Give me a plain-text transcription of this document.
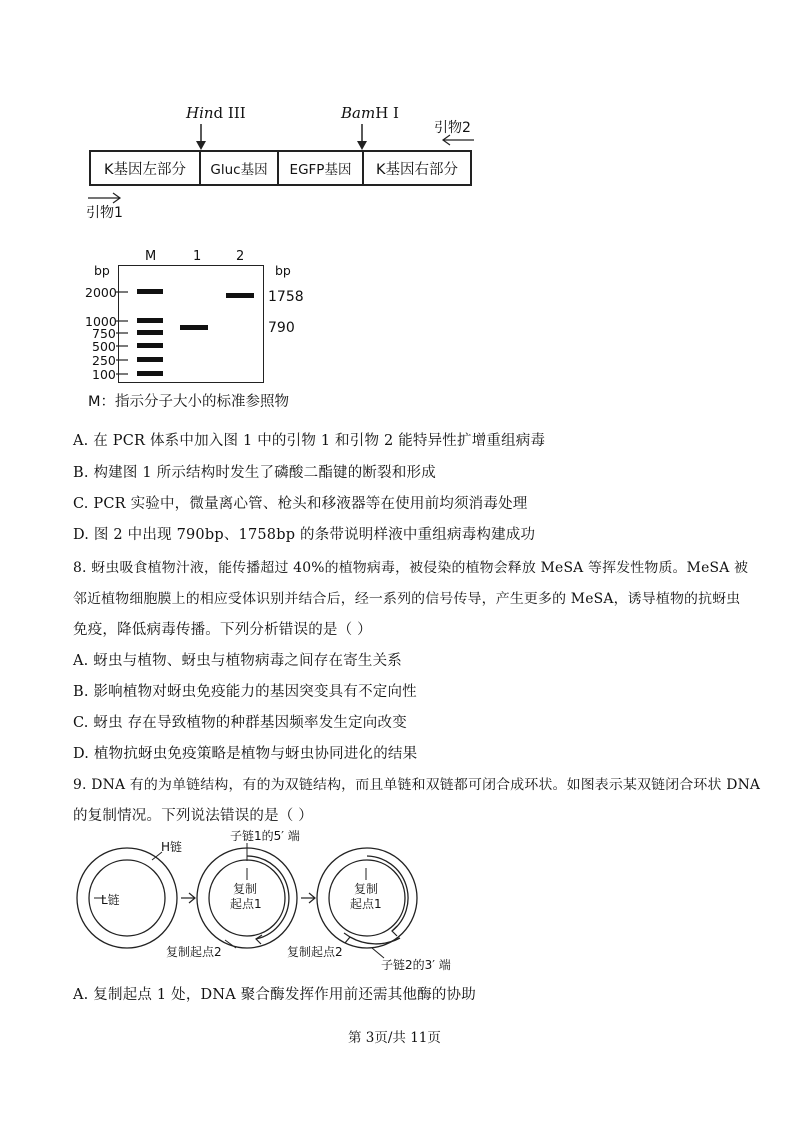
Hind III	BamH I
引物2
引物1
K基因左部分	Gluc基因	EGFP基因	K基因右部分
M	1	2
bp	bp
2000
1000
750
500
250
100
1758
790
M：指示分子大小的标准参照物
A. 在 PCR 体系中加入图 1 中的引物 1 和引物 2 能特异性扩增重组病毒
B. 构建图 1 所示结构时发生了磷酸二酯键的断裂和形成
C. PCR 实验中，微量离心管、枪头和移液器等在使用前均须消毒处理
D. 图 2 中出现 790bp、1758bp 的条带说明样液中重组病毒构建成功
8. 蚜虫吸食植物汁液，能传播超过 40%的植物病毒，被侵染的植物会释放 MeSA 等挥发性物质。MeSA 被
邻近植物细胞膜上的相应受体识别并结合后，经一系列的信号传导，产生更多的 MeSA，诱导植物的抗蚜虫
免疫，降低病毒传播。下列分析错误的是（ ）
A. 蚜虫与植物、蚜虫与植物病毒之间存在寄生关系
B. 影响植物对蚜虫免疫能力的基因突变具有不定向性
C. 蚜虫 存在导致植物的种群基因频率发生定向改变
D. 植物抗蚜虫免疫策略是植物与蚜虫协同进化的结果
9. DNA 有的为单链结构，有的为双链结构，而且单链和双链都可闭合成环状。如图表示某双链闭合环状 DNA
的复制情况。下列说法错误的是（ ）
H链
L链
子链1的5′ 端
复制
起点1
复制起点2
复制
起点1
复制起点2
子链2的3′ 端
A. 复制起点 1 处，DNA 聚合酶发挥作用前还需其他酶的协助
第 3页/共 11页
